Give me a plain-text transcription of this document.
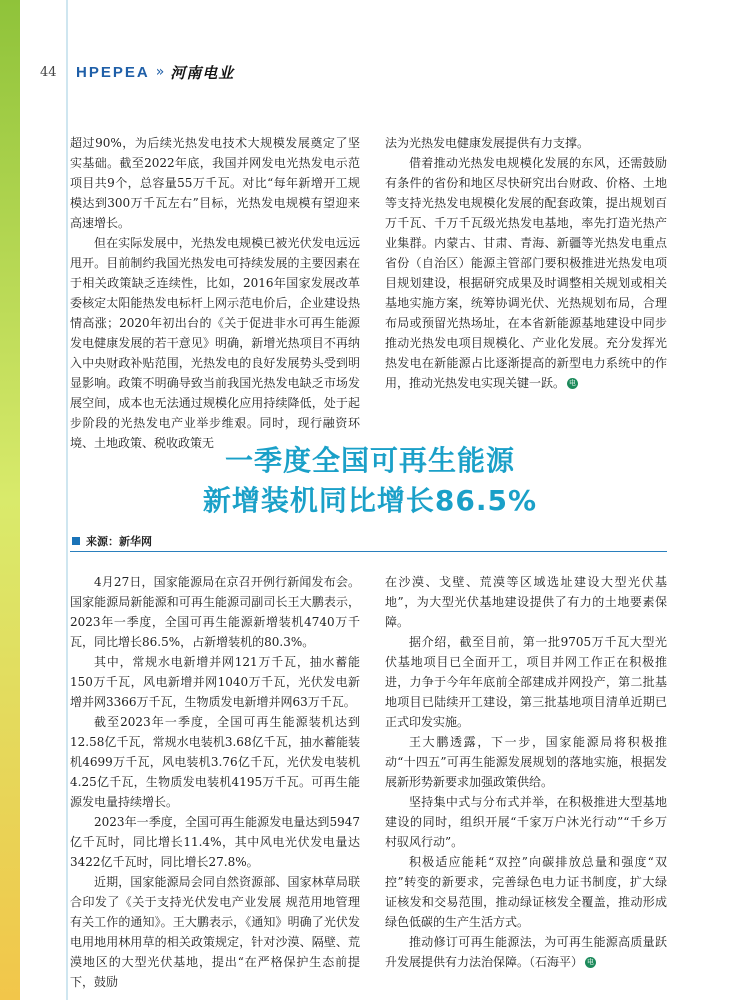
44	HPEPEA » 河南电业

超过90%，为后续光热发电技术大规模发展奠定了坚实基础。截至2022年底，我国并网发电光热发电示范项目共9个，总容量55万千瓦。对比“每年新增开工规模达到300万千瓦左右”目标，光热发电规模有望迎来高速增长。

但在实际发展中，光热发电规模已被光伏发电远远甩开。目前制约我国光热发电可持续发展的主要因素在于相关政策缺乏连续性，比如，2016年国家发展改革委核定太阳能热发电标杆上网示范电价后，企业建设热情高涨；2020年初出台的《关于促进非水可再生能源发电健康发展的若干意见》明确，新增光热项目不再纳入中央财政补贴范围，光热发电的良好发展势头受到明显影响。政策不明确导致当前我国光热发电缺乏市场发展空间，成本也无法通过规模化应用持续降低，处于起步阶段的光热发电产业举步维艰。同时，现行融资环境、土地政策、税收政策无

法为光热发电健康发展提供有力支撑。

借着推动光热发电规模化发展的东风，还需鼓励有条件的省份和地区尽快研究出台财政、价格、土地等支持光热发电规模化发展的配套政策，提出规划百万千瓦、千万千瓦级光热发电基地，率先打造光热产业集群。内蒙古、甘肃、青海、新疆等光热发电重点省份（自治区）能源主管部门要积极推进光热发电项目规划建设，根据研究成果及时调整相关规划或相关基地实施方案，统筹协调光伏、光热规划布局，合理布局或预留光热场址，在本省新能源基地建设中同步推动光热发电项目规模化、产业化发展。充分发挥光热发电在新能源占比逐渐提高的新型电力系统中的作用，推动光热发电实现关键一跃。 电

一季度全国可再生能源
新增装机同比增长86.5%
来源：新华网

4月27日，国家能源局在京召开例行新闻发布会。国家能源局新能源和可再生能源司副司长王大鹏表示，2023年一季度，全国可再生能源新增装机4740万千瓦，同比增长86.5%，占新增装机的80.3%。

其中，常规水电新增并网121万千瓦，抽水蓄能150万千瓦，风电新增并网1040万千瓦，光伏发电新增并网3366万千瓦，生物质发电新增并网63万千瓦。

截至2023年一季度，全国可再生能源装机达到12.58亿千瓦，常规水电装机3.68亿千瓦，抽水蓄能装机4699万千瓦，风电装机3.76亿千瓦，光伏发电装机4.25亿千瓦，生物质发电装机4195万千瓦。可再生能源发电量持续增长。

2023年一季度，全国可再生能源发电量达到5947亿千瓦时，同比增长11.4%，其中风电光伏发电量达3422亿千瓦时，同比增长27.8%。

近期，国家能源局会同自然资源部、国家林草局联合印发了《关于支持光伏发电产业发展 规范用地管理有关工作的通知》。王大鹏表示，《通知》明确了光伏发电用地用林用草的相关政策规定，针对沙漠、隔壁、荒漠地区的大型光伏基地，提出“在严格保护生态前提下，鼓励

在沙漠、戈壁、荒漠等区域选址建设大型光伏基地”，为大型光伏基地建设提供了有力的土地要素保障。

据介绍，截至目前，第一批9705万千瓦大型光伏基地项目已全面开工，项目并网工作正在积极推进，力争于今年年底前全部建成并网投产，第二批基地项目已陆续开工建设，第三批基地项目清单近期已正式印发实施。

王大鹏透露，下一步，国家能源局将积极推动“十四五”可再生能源发展规划的落地实施，根据发展新形势新要求加强政策供给。

坚持集中式与分布式并举，在积极推进大型基地建设的同时，组织开展“千家万户沐光行动”“千乡万村驭风行动”。

积极适应能耗“双控”向碳排放总量和强度“双控”转变的新要求，完善绿色电力证书制度，扩大绿证核发和交易范围，推动绿证核发全覆盖，推动形成绿色低碳的生产生活方式。

推动修订可再生能源法，为可再生能源高质量跃升发展提供有力法治保障。（石海平） 电
